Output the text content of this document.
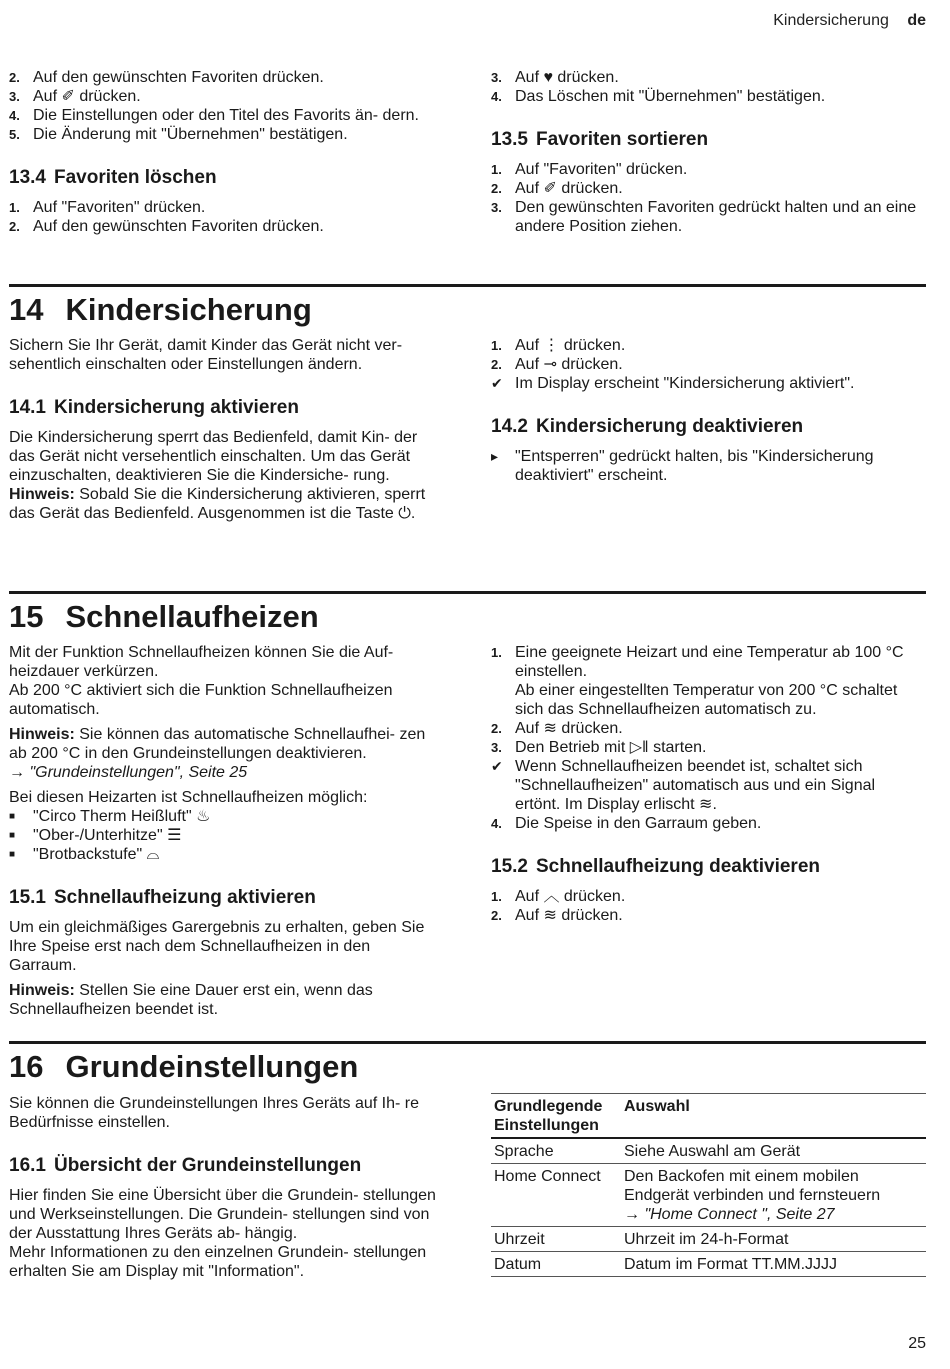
Kindersicherung de
2. Auf den gewünschten Favoriten drücken.
3. Auf ✐ drücken.
4. Die Einstellungen oder den Titel des Favorits än- dern.
5. Die Änderung mit "Übernehmen" bestätigen.
13.4 Favoriten löschen
1. Auf "Favoriten" drücken.
2. Auf den gewünschten Favoriten drücken.
3. Auf ♥ drücken.
4. Das Löschen mit "Übernehmen" bestätigen.
13.5 Favoriten sortieren
1. Auf "Favoriten" drücken.
2. Auf ✐ drücken.
3. Den gewünschten Favoriten gedrückt halten und an eine andere Position ziehen.
14 Kindersicherung

Sichern Sie Ihr Gerät, damit Kinder das Gerät nicht ver- sehentlich einschalten oder Einstellungen ändern.

14.1 Kindersicherung aktivieren

Die Kindersicherung sperrt das Bedienfeld, damit Kin- der das Gerät nicht versehentlich einschalten. Um das Gerät einzuschalten, deaktivieren Sie die Kindersiche- rung.

Hinweis: Sobald Sie die Kindersicherung aktivieren, sperrt das Gerät das Bedienfeld. Ausgenommen ist die Taste ⏻.

1. Auf ⋮ drücken.
2. Auf ⊸ drücken.
✔ Im Display erscheint "Kindersicherung aktiviert".
14.2 Kindersicherung deaktivieren
▸	"Entsperren" gedrückt halten, bis "Kindersicherung deaktiviert" erscheint.
15 Schnellaufheizen

Mit der Funktion Schnellaufheizen können Sie die Auf- heizdauer verkürzen.

Ab 200 °C aktiviert sich die Funktion Schnellaufheizen automatisch.

Hinweis: Sie können das automatische Schnellaufhei- zen ab 200 °C in den Grundeinstellungen deaktivieren.

→ "Grundeinstellungen", Seite 25

Bei diesen Heizarten ist Schnellaufheizen möglich:

■	"Circo Therm Heißluft" ♨
■	"Ober-/Unterhitze" ☰
■	"Brotbackstufe" ⌓
15.1 Schnellaufheizung aktivieren

Um ein gleichmäßiges Garergebnis zu erhalten, geben Sie Ihre Speise erst nach dem Schnellaufheizen in den Garraum.

Hinweis: Stellen Sie eine Dauer erst ein, wenn das Schnellaufheizen beendet ist.

1. Eine geeignete Heizart und eine Temperatur ab 100 °C einstellen.
Ab einer eingestellten Temperatur von 200 °C schaltet sich das Schnellaufheizen automatisch zu.
2. Auf ≋ drücken.
3. Den Betrieb mit ▷‖ starten.
✔ Wenn Schnellaufheizen beendet ist, schaltet sich "Schnellaufheizen" automatisch aus und ein Signal ertönt. Im Display erlischt ≋.
4. Die Speise in den Garraum geben.
15.2 Schnellaufheizung deaktivieren
1. Auf ︿ drücken.
2. Auf ≋ drücken.
16 Grundeinstellungen

Sie können die Grundeinstellungen Ihres Geräts auf Ih- re Bedürfnisse einstellen.

16.1 Übersicht der Grundeinstellungen

Hier finden Sie eine Übersicht über die Grundein- stellungen und Werkseinstellungen. Die Grundein- stellungen sind von der Ausstattung Ihres Geräts ab- hängig.

Mehr Informationen zu den einzelnen Grundein- stellungen erhalten Sie am Display mit "Information".

Grundlegende Einstellungen	Auswahl
Sprache	Siehe Auswahl am Gerät
Home Connect	Den Backofen mit einem mobilen Endgerät verbinden und fernsteuern
→ "Home Connect ", Seite 27
Uhrzeit	Uhrzeit im 24-h-Format
Datum	Datum im Format TT.MM.JJJJ
25
